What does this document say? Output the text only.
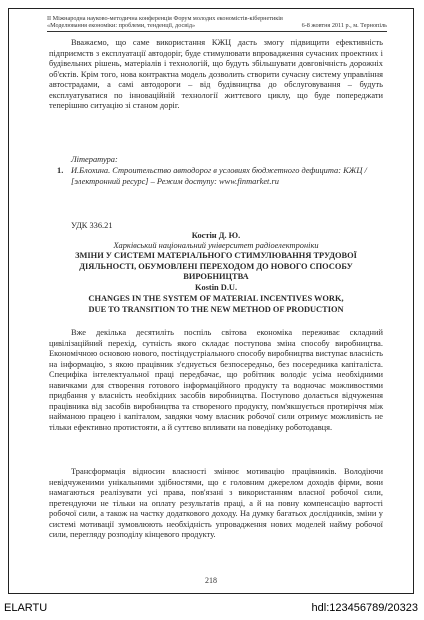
II Міжнародна науково-методична конференція Форум молодих економістів-кібернетиків
«Моделювання економіки: проблеми, тенденції, досвід»	6-8 жовтня 2011 р., м. Тернопіль

Вважаємо, що саме використання КЖЦ дасть змогу підвищити ефективність підприємств з експлуатації автодоріг, буде стимулювати впровадження сучасних проектних і будівельних рішень, матеріалів і технологій, що будуть збільшувати довговічність дорожніх об'єктів. Крім того, нова контрактна модель дозволить створити сучасну систему управління автострадами, а самі автодороги – від будівництва до обслуговування – будуть експлуатуватися по інноваційній технології життєвого циклу, що буде попереджати теперішню ситуацію зі станом доріг.

Література:
1. И.Блохина. Строительство автодорог в условиях бюджетного дефицита: КЖЦ / [электронний ресурс] – Режим доступу: www.finmarket.ru
УДК 336.21
Костін Д. Ю.
Харківський національний університет радіоелектроніки
ЗМІНИ У СИСТЕМІ МАТЕРІАЛЬНОГО СТИМУЛЮВАННЯ ТРУДОВОЇ ДІЯЛЬНОСТІ, ОБУМОВЛЕНІ ПЕРЕХОДОМ ДО НОВОГО СПОСОБУ ВИРОБНИЦТВА
Kostin D.U.
CHANGES IN THE SYSTEM OF MATERIAL INCENTIVES WORK,
DUE TO TRANSITION TO THE NEW METHOD OF PRODUCTION

Вже декілька десятиліть поспіль світова економіка переживає складний цивілізаційний перехід, сутність якого складає поступова зміна способу виробництва. Економічною основою нового, постіндустріального способу виробництва виступає власність на інформацію, з якою працівник з'єднується безпосередньо, без посередника капіталіста. Специфіка інтелектуальної праці передбачає, що робітник володіє усіма необхідними навичками для створення готового інформаційного продукту та водночас можливостями придбання у власність необхідних засобів виробництва. Поступово долається відчуження працівника від засобів виробництва та створеного продукту, пом'якшується протиріччя між найманою працею і капіталом, завдяки чому власник робочої сили отримує можливість не тільки ефективно протистояти, а й суттєво впливати на поведінку роботодавця.

Трансформація відносин власності змінює мотивацію працівників. Володіючи невідчуженими унікальними здібностями, що є головним джерелом доходів фірми, вони намагаються реалізувати усі права, пов'язані з використанням власної робочої сили, претендуючи не тільки на оплату результатів праці, а й на повну компенсацію вартості робочої сили, а також на частку додаткового доходу. На думку багатьох дослідників, зміни у системі мотивації зумовлюють необхідність упровадження нових моделей найму робочої сили, перегляду розподілу кінцевого продукту.

218
ELARTU	hdl:123456789/20323
